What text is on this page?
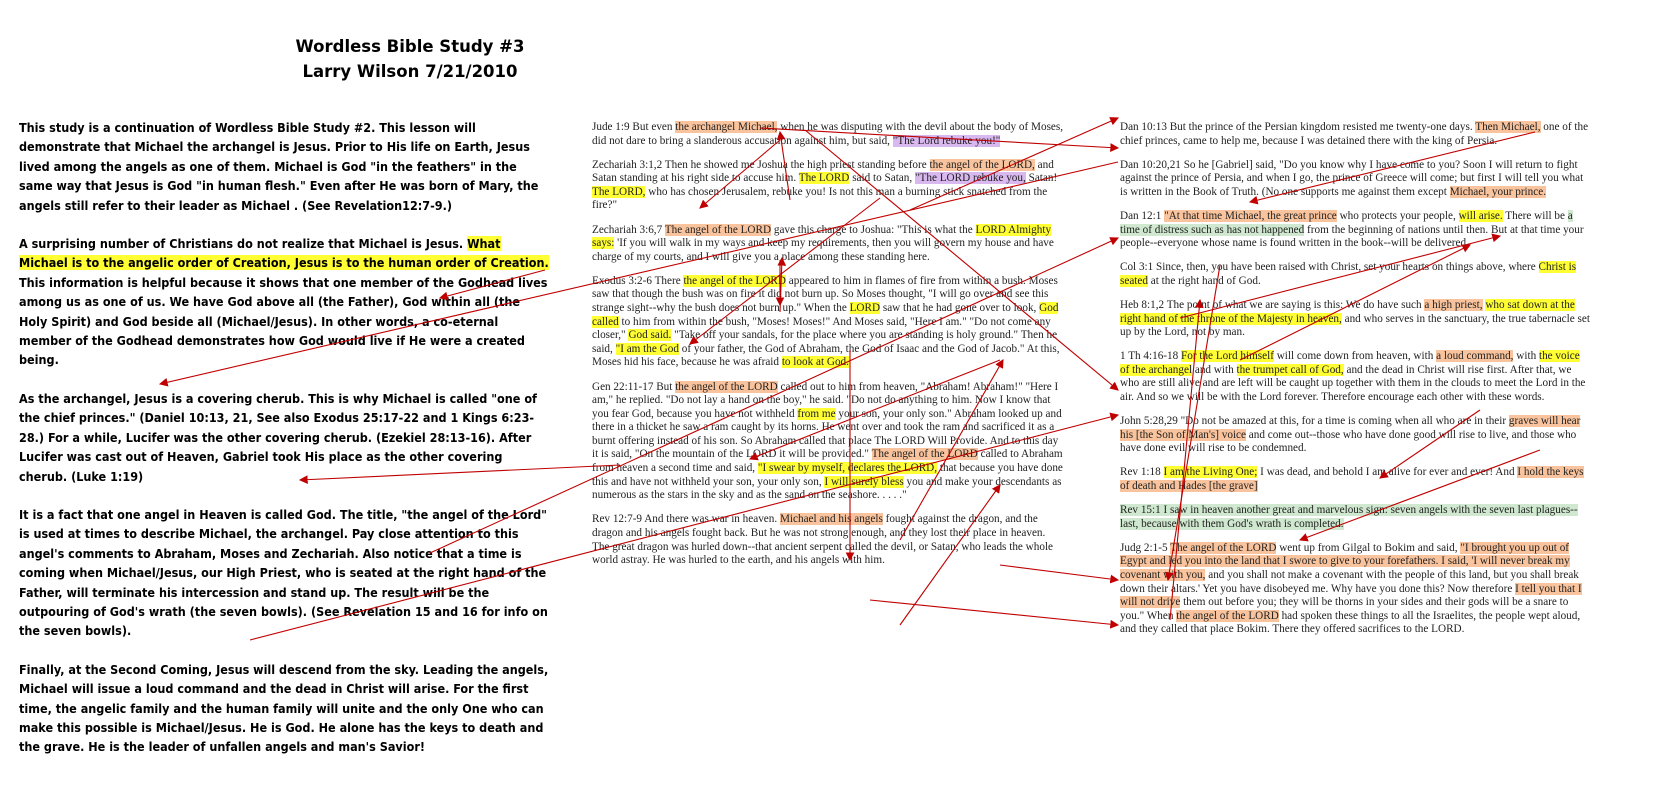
Wordless Bible Study #3
Larry Wilson 7/21/2010

This study is a continuation of Wordless Bible Study #2. This lesson will demonstrate that Michael the archangel is Jesus. Prior to His life on Earth, Jesus lived among the angels as one of them. Michael is God "in the feathers" in the same way that Jesus is God "in human flesh." Even after He was born of Mary, the angels still refer to their leader as Michael . (See Revelation12:7-9.)

A surprising number of Christians do not realize that Michael is Jesus. What Michael is to the angelic order of Creation, Jesus is to the human order of Creation. This information is helpful because it shows that one member of the Godhead lives among us as one of us. We have God above all (the Father), God within all (the Holy Spirit) and God beside all (Michael/Jesus). In other words, a co-eternal member of the Godhead demonstrates how God would live if He were a created being.

As the archangel, Jesus is a covering cherub. This is why Michael is called "one of the chief princes." (Daniel 10:13, 21, See also Exodus 25:17-22 and 1 Kings 6:23-28.) For a while, Lucifer was the other covering cherub. (Ezekiel 28:13-16). After Lucifer was cast out of Heaven, Gabriel took His place as the other covering cherub. (Luke 1:19)

It is a fact that one angel in Heaven is called God. The title, "the angel of the Lord" is used at times to describe Michael, the archangel. Pay close attention to this angel's comments to Abraham, Moses and Zechariah. Also notice that a time is coming when Michael/Jesus, our High Priest, who is seated at the right hand of the Father, will terminate his intercession and stand up. The result will be the outpouring of God's wrath (the seven bowls). (See Revelation 15 and 16 for info on the seven bowls).

Finally, at the Second Coming, Jesus will descend from the sky. Leading the angels, Michael will issue a loud command and the dead in Christ will arise. For the first time, the angelic family and the human family will unite and the only One who can make this possible is Michael/Jesus. He is God. He alone has the keys to death and the grave. He is the leader of unfallen angels and man's Savior!

Jude 1:9 But even the archangel Michael, when he was disputing with the devil about the body of Moses, did not dare to bring a slanderous accusation against him, but said, "The Lord rebuke you!"

Zechariah 3:1,2 Then he showed me Joshua the high priest standing before the angel of the LORD, and Satan standing at his right side to accuse him. The LORD said to Satan, "The LORD rebuke you, Satan! The LORD, who has chosen Jerusalem, rebuke you! Is not this man a burning stick snatched from the fire?"

Zechariah 3:6,7 The angel of the LORD gave this charge to Joshua: "This is what the LORD Almighty says: 'If you will walk in my ways and keep my requirements, then you will govern my house and have charge of my courts, and I will give you a place among these standing here.

Exodus 3:2-6 There the angel of the LORD appeared to him in flames of fire from within a bush. Moses saw that though the bush was on fire it did not burn up. So Moses thought, "I will go over and see this strange sight--why the bush does not burn up." When the LORD saw that he had gone over to look, God called to him from within the bush, "Moses! Moses!" And Moses said, "Here I am." "Do not come any closer," God said. "Take off your sandals, for the place where you are standing is holy ground." Then he said, "I am the God of your father, the God of Abraham, the God of Isaac and the God of Jacob." At this, Moses hid his face, because he was afraid to look at God.

Gen 22:11-17 But the angel of the LORD called out to him from heaven, "Abraham! Abraham!" "Here I am," he replied. "Do not lay a hand on the boy," he said. "Do not do anything to him. Now I know that you fear God, because you have not withheld from me your son, your only son." Abraham looked up and there in a thicket he saw a ram caught by its horns. He went over and took the ram and sacrificed it as a burnt offering instead of his son. So Abraham called that place The LORD Will Provide. And to this day it is said, "On the mountain of the LORD it will be provided." The angel of the LORD called to Abraham from heaven a second time and said, "I swear by myself, declares the LORD, that because you have done this and have not withheld your son, your only son, I will surely bless you and make your descendants as numerous as the stars in the sky and as the sand on the seashore. . . . ."

Rev 12:7-9 And there was war in heaven. Michael and his angels fought against the dragon, and the dragon and his angels fought back. But he was not strong enough, and they lost their place in heaven. The great dragon was hurled down--that ancient serpent called the devil, or Satan, who leads the whole world astray. He was hurled to the earth, and his angels with him.

Dan 10:13 But the prince of the Persian kingdom resisted me twenty-one days. Then Michael, one of the chief princes, came to help me, because I was detained there with the king of Persia.

Dan 10:20,21 So he [Gabriel] said, "Do you know why I have come to you? Soon I will return to fight against the prince of Persia, and when I go, the prince of Greece will come; but first I will tell you what is written in the Book of Truth. (No one supports me against them except Michael, your prince.

Dan 12:1 "At that time Michael, the great prince who protects your people, will arise. There will be a time of distress such as has not happened from the beginning of nations until then. But at that time your people--everyone whose name is found written in the book--will be delivered.

Col 3:1 Since, then, you have been raised with Christ, set your hearts on things above, where Christ is seated at the right hand of God.

Heb 8:1,2 The point of what we are saying is this: We do have such a high priest, who sat down at the right hand of the throne of the Majesty in heaven, and who serves in the sanctuary, the true tabernacle set up by the Lord, not by man.

1 Th 4:16-18 For the Lord himself will come down from heaven, with a loud command, with the voice of the archangel and with the trumpet call of God, and the dead in Christ will rise first. After that, we who are still alive and are left will be caught up together with them in the clouds to meet the Lord in the air. And so we will be with the Lord forever. Therefore encourage each other with these words.

John 5:28,29 "Do not be amazed at this, for a time is coming when all who are in their graves will hear his [the Son of Man's] voice and come out--those who have done good will rise to live, and those who have done evil will rise to be condemned.

Rev 1:18 I am the Living One; I was dead, and behold I am alive for ever and ever! And I hold the keys of death and Hades [the grave]

Rev 15:1 I saw in heaven another great and marvelous sign: seven angels with the seven last plagues--last, because with them God's wrath is completed.

Judg 2:1-5 The angel of the LORD went up from Gilgal to Bokim and said, "I brought you up out of Egypt and led you into the land that I swore to give to your forefathers. I said, 'I will never break my covenant with you, and you shall not make a covenant with the people of this land, but you shall break down their altars.' Yet you have disobeyed me. Why have you done this? Now therefore I tell you that I will not drive them out before you; they will be thorns in your sides and their gods will be a snare to you." When the angel of the LORD had spoken these things to all the Israelites, the people wept aloud, and they called that place Bokim. There they offered sacrifices to the LORD.
